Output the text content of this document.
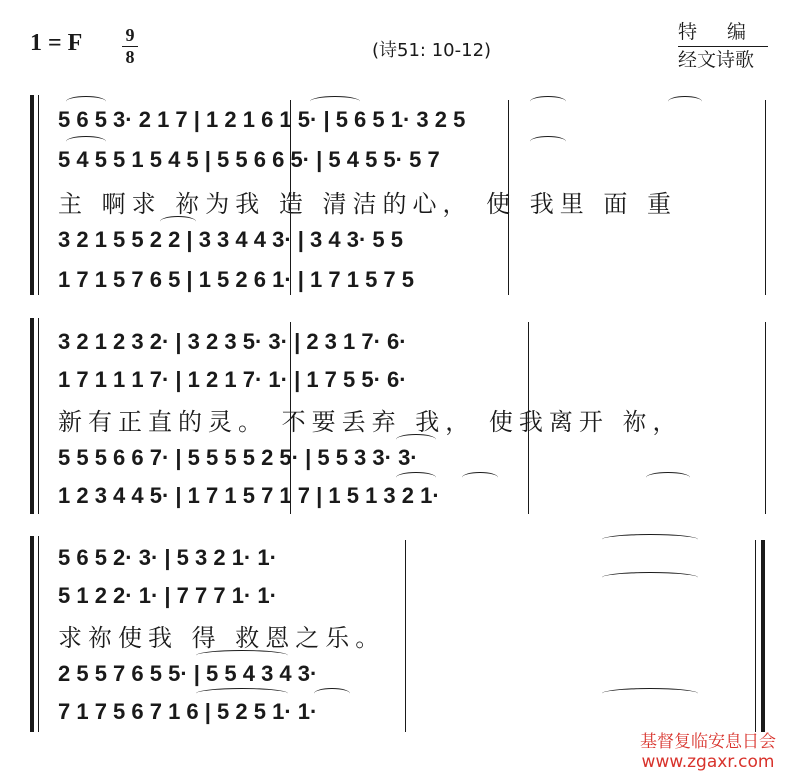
1 = F 9
8	(诗51: 10-12)
特编
经文诗歌
5 6 5 3· 2 1 7 | 1 2 1 6 1 5· | 5 6 5 1· 3 2 5
5 4 5 5 1 5 4 5 | 5 5 6 6 5· | 5 4 5 5· 5 7
主 啊求 祢为我 造 清洁的心， 使 我里 面 重
3 2 1 5 5 2 2 | 3 3 4 4 3· | 3 4 3· 5 5
1 7 1 5 7 6 5 | 1 5 2 6 1· | 1 7 1 5 7 5
3 2 1 2 3 2· | 3 2 3 5· 3· | 2 3 1 7· 6·
1 7 1 1 1 7· | 1 2 1 7· 1· | 1 7 5 5· 6·
新有正直的灵。 不要丢弃 我， 使我离开 祢，
5 5 5 6 6 7· | 5 5 5 5 2 5· | 5 5 3 3· 3·
1 2 3 4 4 5· | 1 7 1 5 7 1 7 | 1 5 1 3 2 1·
5 6 5 2· 3· | 5 3 2 1· 1·
5 1 2 2· 1· | 7 7 7 1· 1·
求祢使我 得 救恩之乐。
2 5 5 7 6 5 5· | 5 5 4 3 4 3·
7 1 7 5 6 7 1 6 | 5 2 5 1· 1·
基督复临安息日会
www.zgaxr.com
